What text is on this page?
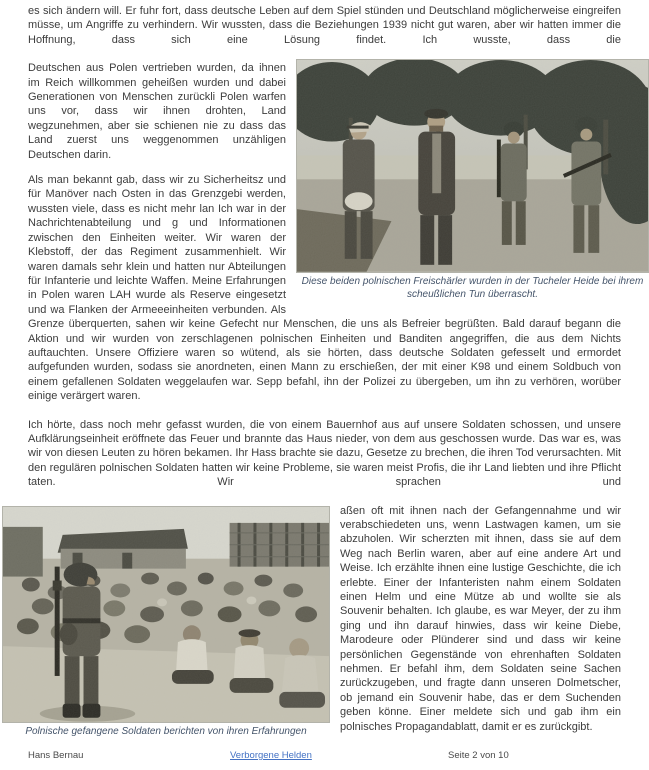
es sich ändern will. Er fuhr fort, dass deutsche Leben auf dem Spiel stünden und Deutschland möglicherweise eingreifen müsse, um Angriffe zu verhindern. Wir wussten, dass die Beziehungen 1939 nicht gut waren, aber wir hatten immer die Hoffnung, dass sich eine Lösung findet. Ich wusste, dass die

Diese beiden polnischen Freischärler wurden in der Tucheler Heide bei ihrem scheußlichen Tun überrascht.
Deutschen aus Polen vertrieben wurden, da ihnen im Reich willkommen geheißen wurden und dabei Generationen von Menschen zurückli Polen warfen uns vor, dass wir ihnen drohten, Land wegzunehmen, aber sie schienen nie zu dass das Land zuerst uns weggenommen unzähligen Deutschen darin.

Als man bekannt gab, dass wir zu Sicherheitsz und für Manöver nach Osten in das Grenzgebi werden, wussten viele, dass es nicht mehr lan Ich war in der Nachrichtenabteilung und g und Informationen zwischen den Einheiten weiter. Wir waren der Klebstoff, der das Regiment zusammenhielt. Wir waren damals sehr klein und hatten nur Abteilungen für Infanterie und leichte Waffen. Meine Erfahrungen in Polen waren LAH wurde als Reserve eingesetzt und wa Flanken der Armeeeinheiten verbunden. Als Grenze überquerten, sahen wir keine Gefecht nur Menschen, die uns als Befreier begrüßten. Bald darauf begann die Aktion und wir wurden von zerschlagenen polnischen Einheiten und Banditen angegriffen, die aus dem Nichts auftauchten. Unsere Offiziere waren so wütend, als sie hörten, dass deutsche Soldaten gefesselt und ermordet aufgefunden wurden, sodass sie anordneten, einen Mann zu erschießen, der mit einer K98 und einem Soldbuch von einem gefallenen Soldaten weggelaufen war. Sepp befahl, ihn der Polizei zu übergeben, um ihn zu verhören, worüber einige verärgert waren.

Ich hörte, dass noch mehr gefasst wurden, die von einem Bauernhof aus auf unsere Soldaten schossen, und unsere Aufklärungseinheit eröffnete das Feuer und brannte das Haus nieder, von dem aus geschossen wurde. Das war es, was wir von diesen Leuten zu hören bekamen. Ihr Hass brachte sie dazu, Gesetze zu brechen, die ihren Tod verursachten. Mit den regulären polnischen Soldaten hatten wir keine Probleme, sie waren meist Profis, die ihr Land liebten und ihre Pflicht taten. Wir sprachen und

Polnische gefangene Soldaten berichten von ihren Erfahrungen
aßen oft mit ihnen nach der Gefangennahme und wir verabschiedeten uns, wenn Lastwagen kamen, um sie abzuholen. Wir scherzten mit ihnen, dass sie auf dem Weg nach Berlin waren, aber auf eine andere Art und Weise. Ich erzählte ihnen eine lustige Geschichte, die ich erlebte. Einer der Infanteristen nahm einem Soldaten einen Helm und eine Mütze ab und wollte sie als Souvenir behalten. Ich glaube, es war Meyer, der zu ihm ging und ihn darauf hinwies, dass wir keine Diebe, Marodeure oder Plünderer sind und dass wir keine persönlichen Gegenstände von ehrenhaften Soldaten nehmen. Er befahl ihm, dem Soldaten seine Sachen zurückzugeben, und fragte dann unseren Dolmetscher, ob jemand ein Souvenir habe, das er dem Suchenden geben könne. Einer meldete sich und gab ihm ein polnisches Propagandablatt, damit er es zurückgibt.

Hans Bernau	Verborgene Helden	Seite 2 von 10
